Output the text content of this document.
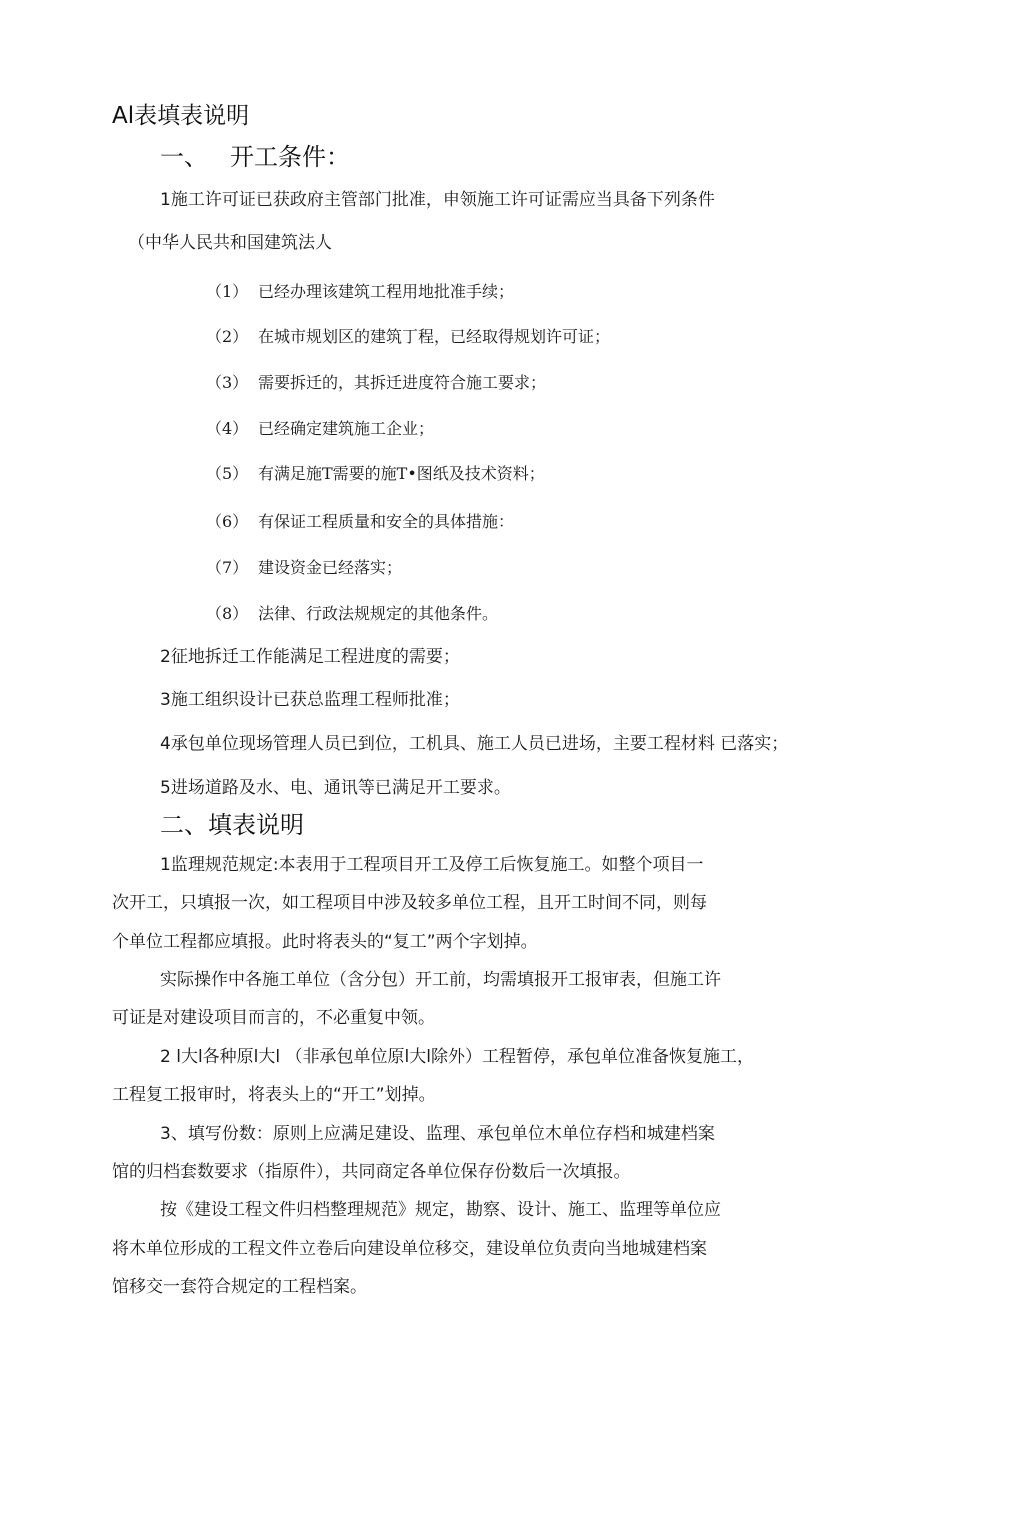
Al表填表说明
一、 开工条件：
1施工许可证已获政府主管部门批准，申领施工许可证需应当具备下列条件
（中华人民共和国建筑法人
（1） 已经办理该建筑工程用地批准手续；
（2） 在城市规划区的建筑丁程，已经取得规划许可证；
（3） 需要拆迁的，其拆迁进度符合施工要求；
（4） 已经确定建筑施工企业；
（5） 有满足施T需要的施T•图纸及技术资料；
（6） 有保证工程质量和安全的具体措施：
（7） 建设资金已经落实；
（8） 法律、行政法规规定的其他条件。
2征地拆迁工作能满足工程进度的需要；
3施工组织设计已获总监理工程师批准；
4承包单位现场管理人员已到位，工机具、施工人员已进场，主要工程材料 已落实；
5进场道路及水、电、通讯等已满足开工要求。
二、填表说明
1监理规范规定:本表用于工程项目开工及停工后恢复施工。如整个项目一
次开工，只填报一次，如工程项目中涉及较多单位工程，且开工时间不同，则每
个单位工程都应填报。此时将表头的“复工”两个字划掉。
实际操作中各施工单位（含分包）开工前，均需填报开工报审表，但施工许
可证是对建设项目而言的，不必重复中领。
2 l大l各种原l大l （非承包单位原l大l除外）工程暂停，承包单位准备恢复施工，
工程复工报审时，将表头上的“开工”划掉。
3、填写份数：原则上应满足建设、监理、承包单位木单位存档和城建档案
馆的归档套数要求（指原件），共同商定各单位保存份数后一次填报。
按《建设工程文件归档整理规范》规定，勘察、设计、施工、监理等单位应
将木单位形成的工程文件立卷后向建设单位移交，建设单位负责向当地城建档案
馆移交一套符合规定的工程档案。
